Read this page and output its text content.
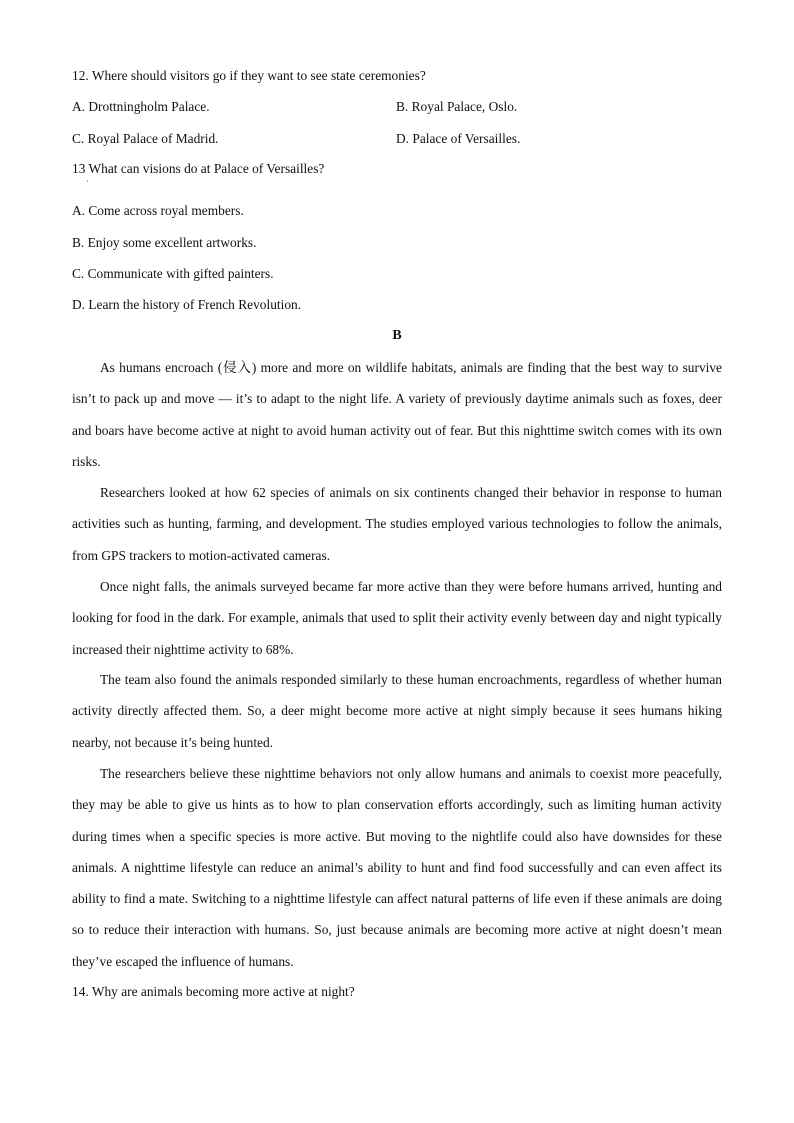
12. Where should visitors go if they want to see state ceremonies?
A. Drottningholm Palace.	B. Royal Palace, Oslo.
C. Royal Palace of Madrid.	D. Palace of Versailles.
13 What can visions do at Palace of Versailles?
·
A. Come across royal members.
B. Enjoy some excellent artworks.
C. Communicate with gifted painters.
D. Learn the history of French Revolution.
B

As humans encroach (侵入) more and more on wildlife habitats, animals are finding that the best way to survive isn’t to pack up and move — it’s to adapt to the night life. A variety of previously daytime animals such as foxes, deer and boars have become active at night to avoid human activity out of fear. But this nighttime switch comes with its own risks.

Researchers looked at how 62 species of animals on six continents changed their behavior in response to human activities such as hunting, farming, and development. The studies employed various technologies to follow the animals, from GPS trackers to motion-activated cameras.

Once night falls, the animals surveyed became far more active than they were before humans arrived, hunting and looking for food in the dark. For example, animals that used to split their activity evenly between day and night typically increased their nighttime activity to 68%.

The team also found the animals responded similarly to these human encroachments, regardless of whether human activity directly affected them. So, a deer might become more active at night simply because it sees humans hiking nearby, not because it’s being hunted.

The researchers believe these nighttime behaviors not only allow humans and animals to coexist more peacefully, they may be able to give us hints as to how to plan conservation efforts accordingly, such as limiting human activity during times when a specific species is more active. But moving to the nightlife could also have downsides for these animals. A nighttime lifestyle can reduce an animal’s ability to hunt and find food successfully and can even affect its ability to find a mate. Switching to a nighttime lifestyle can affect natural patterns of life even if these animals are doing so to reduce their interaction with humans. So, just because animals are becoming more active at night doesn’t mean they’ve escaped the influence of humans.

14. Why are animals becoming more active at night?
